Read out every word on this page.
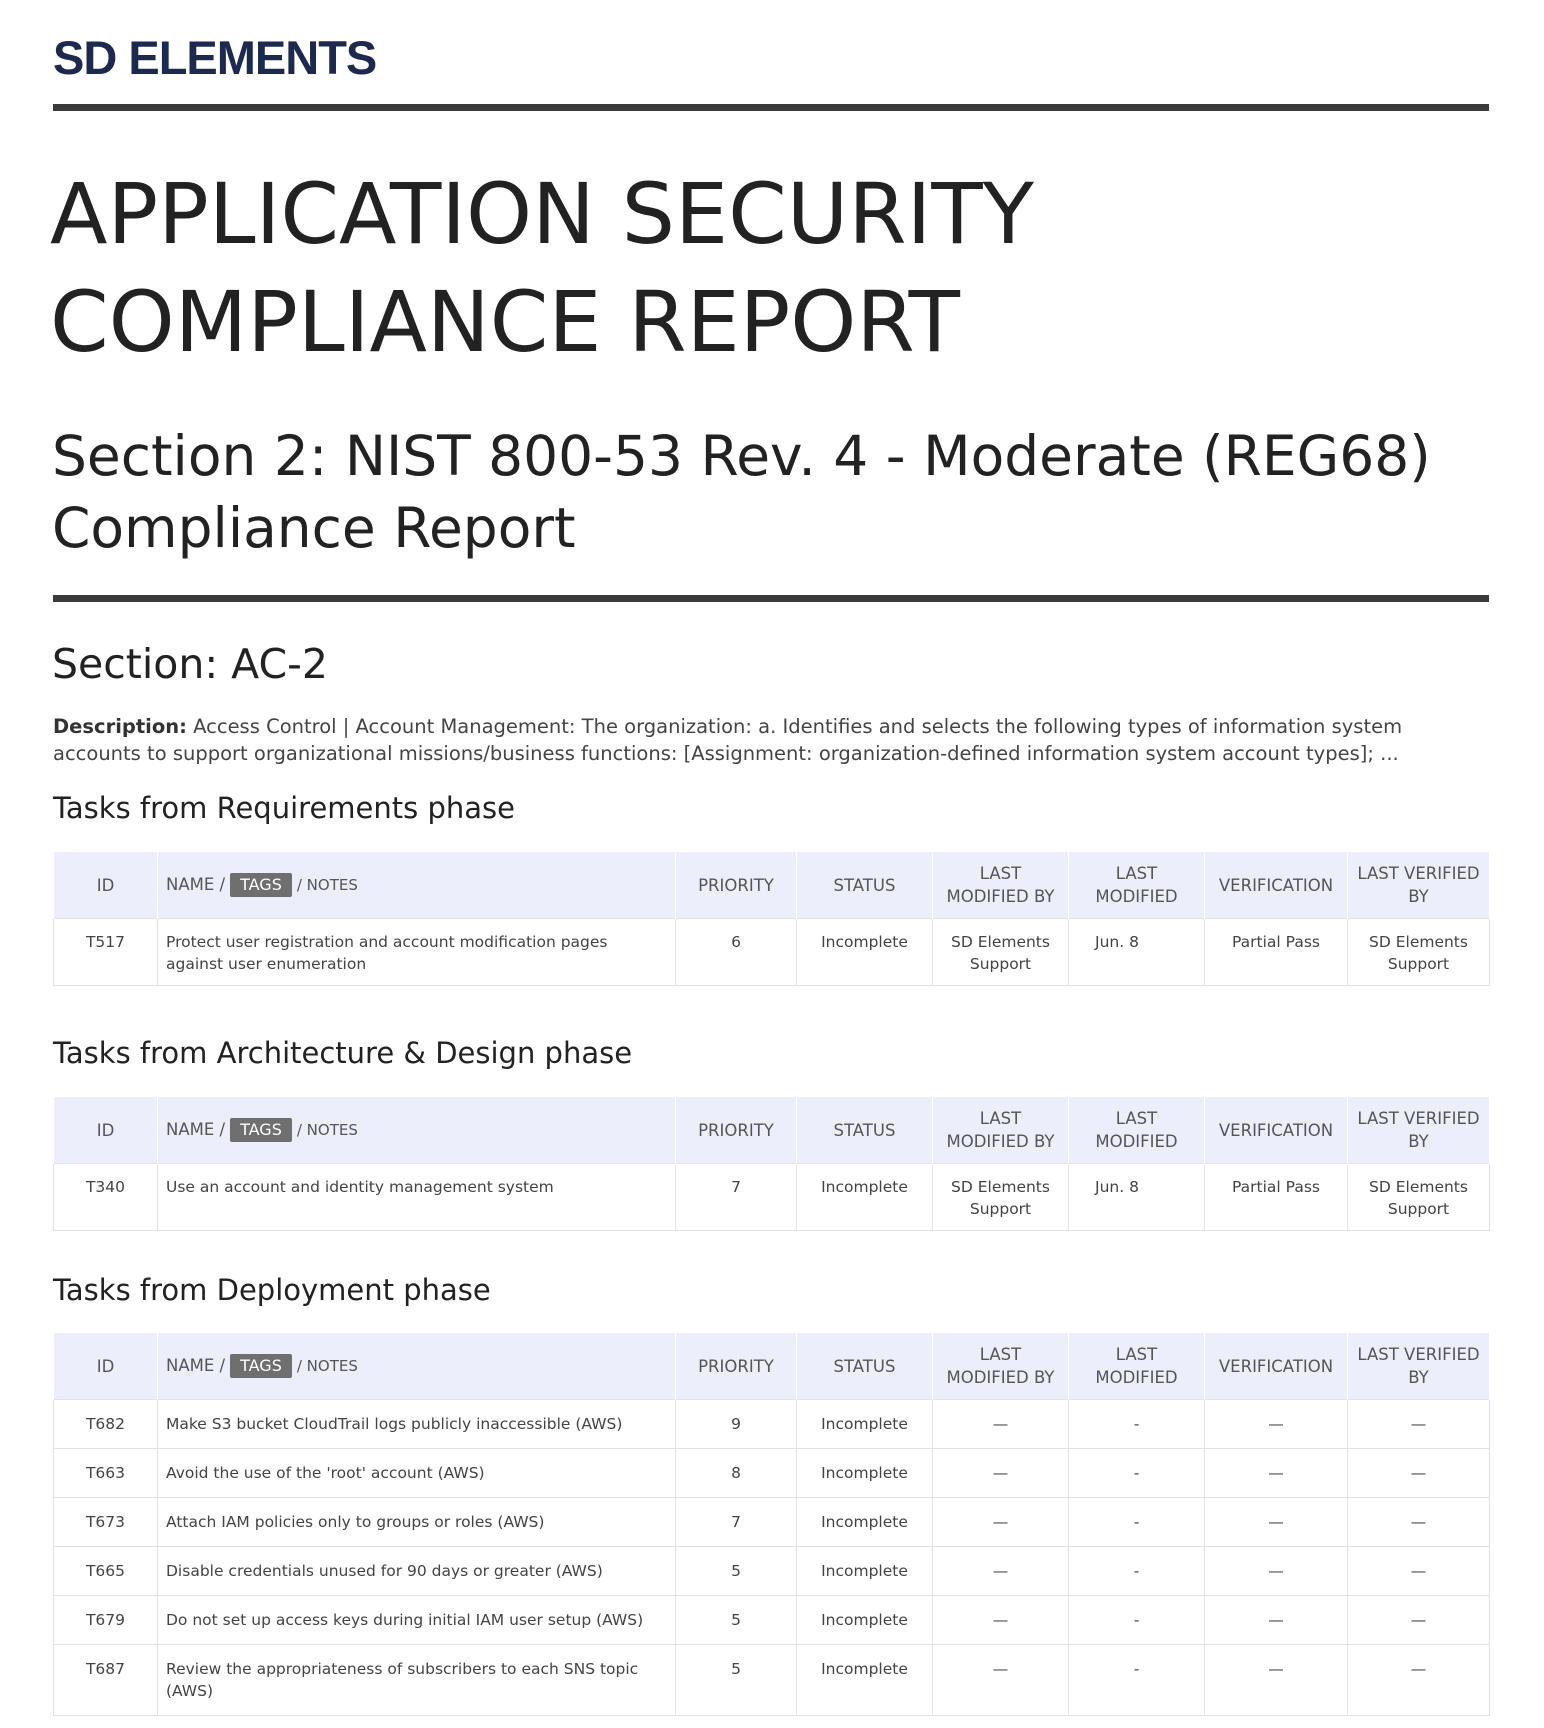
SD ELEMENTS
APPLICATION SECURITY
COMPLIANCE REPORT
Section 2: NIST 800-53 Rev. 4 - Moderate (REG68)
Compliance Report
Section: AC-2
Description: Access Control | Account Management: The organization: a. Identifies and selects the following types of information system accounts to support organizational missions/business functions: [Assignment: organization-defined information system account types]; ...
Tasks from Requirements phase
ID	NAME / TAGS / NOTES	PRIORITY	STATUS	LAST MODIFIED BY	LAST MODIFIED	VERIFICATION	LAST VERIFIED BY
T517	Protect user registration and account modification pages against user enumeration	6	Incomplete	SD Elements Support	Jun. 8	Partial Pass	SD Elements Support
Tasks from Architecture & Design phase
ID	NAME / TAGS / NOTES	PRIORITY	STATUS	LAST MODIFIED BY	LAST MODIFIED	VERIFICATION	LAST VERIFIED BY
T340	Use an account and identity management system	7	Incomplete	SD Elements Support	Jun. 8	Partial Pass	SD Elements Support
Tasks from Deployment phase
ID	NAME / TAGS / NOTES	PRIORITY	STATUS	LAST MODIFIED BY	LAST MODIFIED	VERIFICATION	LAST VERIFIED BY
T682	Make S3 bucket CloudTrail logs publicly inaccessible (AWS)	9	Incomplete	—	-	—	—
T663	Avoid the use of the 'root' account (AWS)	8	Incomplete	—	-	—	—
T673	Attach IAM policies only to groups or roles (AWS)	7	Incomplete	—	-	—	—
T665	Disable credentials unused for 90 days or greater (AWS)	5	Incomplete	—	-	—	—
T679	Do not set up access keys during initial IAM user setup (AWS)	5	Incomplete	—	-	—	—
T687	Review the appropriateness of subscribers to each SNS topic (AWS)	5	Incomplete	—	-	—	—
